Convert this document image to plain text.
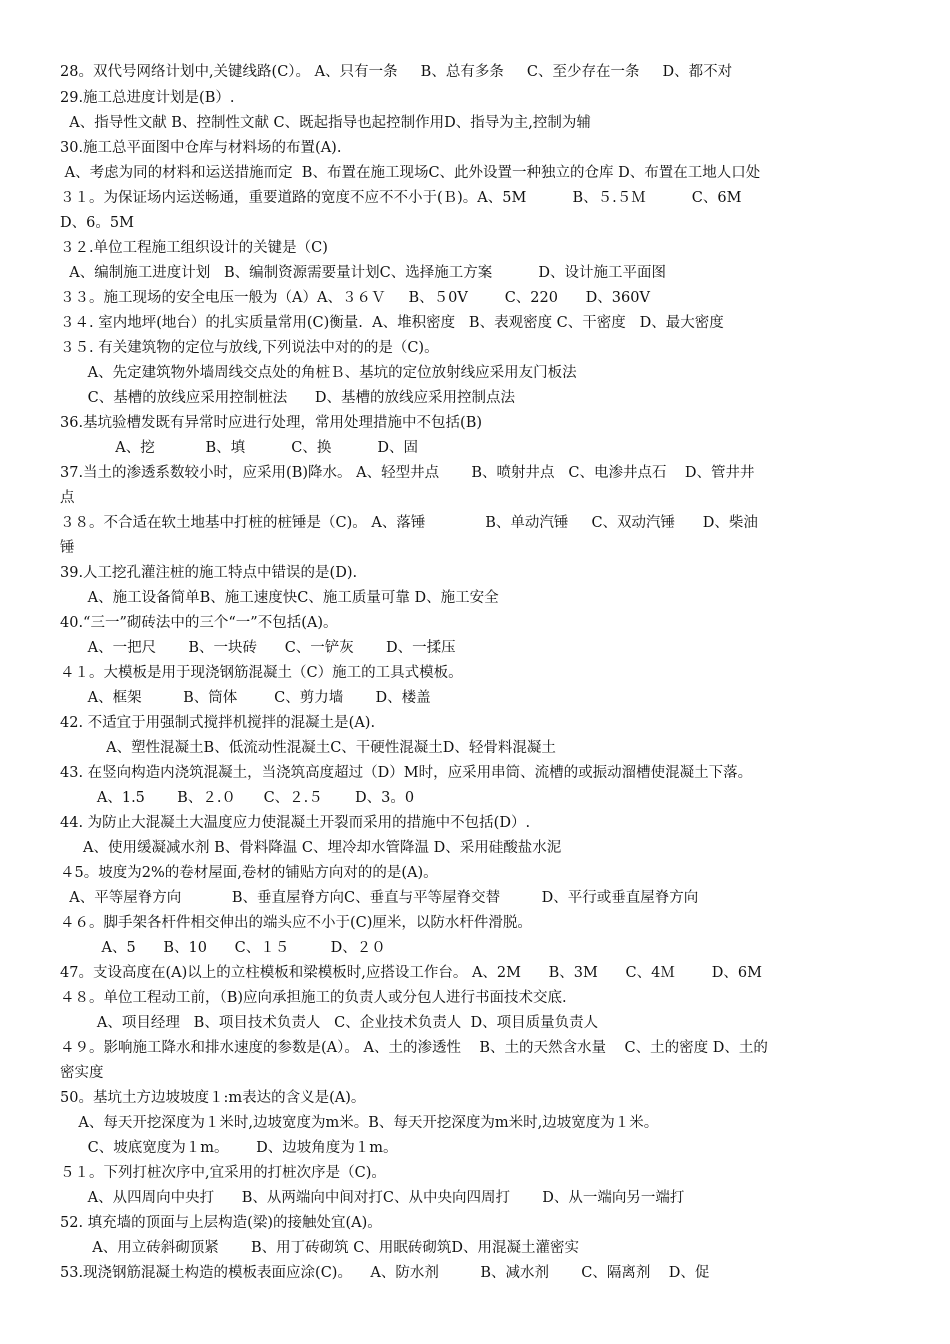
28。双代号网络计划中,关键线路(C）。 A、只有一条     B、总有多条     C、至少存在一条     D、都不对
29.施工总进度计划是(B）.
A、指导性文献 B、控制性文献 C、既起指导也起控制作用D、指导为主,控制为辅
30.施工总平面图中仓库与材料场的布置(A).
A、考虑为同的材料和运送措施而定  B、布置在施工现场C、此外设置一种独立的仓库 D、布置在工地人口处
３１。为保证场内运送畅通，重要道路的宽度不应不不小于(Ｂ)。A、5M          B、５.５Ｍ          C、6M
D、6。5M
３２.单位工程施工组织设计的关键是（C)
A、编制施工进度计划   B、编制资源需要量计划C、选择施工方案          D、设计施工平面图
３３。施工现场的安全电压一般为（A）A、３６Ｖ     B、５0V        C、220      D、360V
３４. 室内地坪(地台）的扎实质量常用(C)衡量.  A、堆积密度   B、表观密度 C、干密度   D、最大密度
３５. 有关建筑物的定位与放线,下列说法中对的的是（C)。
A、先定建筑物外墙周线交点处的角桩Ｂ、基坑的定位放射线应采用友门板法
C、基槽的放线应采用控制桩法      D、基槽的放线应采用控制点法
36.基坑验槽发既有异常时应进行处理，常用处理措施中不包括(B)
A、挖           B、填          C、换          D、固
37.当土的渗透系数较小时，应采用(B)降水。 A、轻型井点       B、喷射井点   C、电渗井点石    D、管井井
点
３８。不合适在软土地基中打桩的桩锤是（C)。 A、落锤             B、单动汽锤     C、双动汽锤      D、柴油
锤
39.人工挖孔灌注桩的施工特点中错误的是(D).
A、施工设备简单B、施工速度快C、施工质量可靠 D、施工安全
40.“三一”砌砖法中的三个“一”不包括(A)。
A、一把尺       B、一块砖      C、一铲灰       D、一揉压
４１。大模板是用于现浇钢筋混凝土（C）施工的工具式模板。
A、框架         B、筒体        C、剪力墙       D、楼盖
42. 不适宜于用强制式搅拌机搅拌的混凝土是(A).
A、塑性混凝土B、低流动性混凝土C、干硬性混凝土D、轻骨料混凝土
43. 在竖向构造内浇筑混凝土，当浇筑高度超过（D）M时，应采用串筒、流槽的或振动溜槽使混凝土下落。
A、1.5       B、２.０      C、２.５       D、3。0
44. 为防止大混凝土大温度应力使混凝土开裂而采用的措施中不包括(D）.
A、使用缓凝减水剂 B、骨料降温 C、埋冷却水管降温 D、采用硅酸盐水泥
４5。坡度为2%的卷材屋面,卷材的铺贴方向对的的是(A)。
A、平等屋脊方向           B、垂直屋脊方向C、垂直与平等屋脊交替         D、平行或垂直屋脊方向
４６。脚手架各杆件相交伸出的端头应不小于(C)厘米，以防水杆件滑脱。
A、5      B、10      C、１５         D、２０
47。支设高度在(A)以上的立柱模板和梁模板时,应搭设工作台。 A、2M      B、3M      C、4Ｍ        D、6M
４８。单位工程动工前，（B)应向承担施工的负责人或分包人进行书面技术交底.
A、项目经理   B、项目技术负责人   C、企业技术负责人  D、项目质量负责人
４９。影响施工降水和排水速度的参数是(A）。 A、土的渗透性    B、土的天然含水量    C、土的密度 D、土的
密实度
50。基坑土方边坡坡度１:m表达的含义是(A)。
A、每天开挖深度为１米时,边坡宽度为m米。B、每天开挖深度为m米时,边坡宽度为１米。
C、坡底宽度为１m。      D、边坡角度为１m。
５１。下列打桩次序中,宜采用的打桩次序是（C)。
A、从四周向中央打      B、从两端向中间对打C、从中央向四周打       D、从一端向另一端打
52. 填充墙的顶面与上层构造(梁)的接触处宜(A)。
A、用立砖斜砌顶紧       B、用丁砖砌筑 C、用眠砖砌筑D、用混凝土灌密实
53.现浇钢筋混凝土构造的模板表面应涂(C)。    A、防水剂         B、减水剂       C、隔离剂    D、促
